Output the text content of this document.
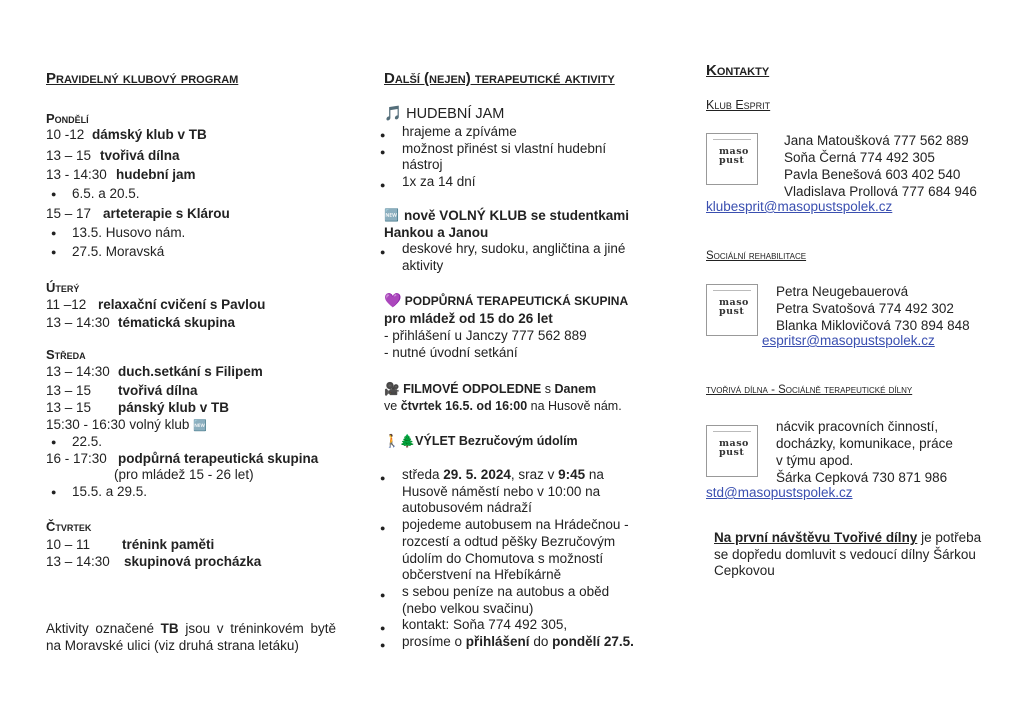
Pravidelný klubový program
Pondělí
10 -12 dámský klub v TB
13 – 15 tvořivá dílna
13 - 14:30 hudební jam
● 6.5. a 20.5.
15 – 17 arteterapie s Klárou
● 13.5. Husovo nám.
● 27.5. Moravská
Úterý
11 –12 relaxační cvičení s Pavlou
13 – 14:30 tématická skupina
Středa
13 – 14:30 duch.setkání s Filipem
13 – 15 tvořivá dílna
13 – 15 pánský klub v TB
15:30 - 16:30 volný klub 🆕
● 22.5.
16 - 17:30 podpůrná terapeutická skupina
(pro mládež 15 - 26 let)
● 15.5. a 29.5.
Čtvrtek
10 – 11 trénink paměti
13 – 14:30 skupinová procházka
Aktivity označené TB jsou v tréninkovém bytě na Moravské ulici (viz druhá strana letáku)
Další (nejen) terapeutické aktivity
🎵 HUDEBNÍ JAM
● hrajeme a zpíváme
● možnost přinést si vlastní hudební nástroj
● 1x za 14 dní
🆕 nově VOLNÝ KLUB se studentkami Hankou a Janou
● deskové hry, sudoku, angličtina a jiné aktivity
💜 PODPŮRNÁ TERAPEUTICKÁ SKUPINA
pro mládež od 15 do 26 let
- přihlášení u Janczy 777 562 889
- nutné úvodní setkání
🎥 FILMOVÉ ODPOLEDNE s Danem
ve čtvrtek 16.5. od 16:00 na Husově nám.
🚶🌲VÝLET Bezručovým údolím
● středa 29. 5. 2024, sraz v 9:45 na Husově náměstí nebo v 10:00 na autobusovém nádraží
● pojedeme autobusem na Hrádečnou - rozcestí a odtud pěšky Bezručovým údolím do Chomutova s možností občerstvení na Hřebíkárně
● s sebou peníze na autobus a oběd (nebo velkou svačinu)
● kontakt: Soňa 774 492 305,
● prosíme o přihlášení do pondělí 27.5.
Kontakty
Klub Esprit
maso
pust
Jana Matoušková 777 562 889
Soňa Černá 774 492 305
Pavla Benešová 603 402 540
Vladislava Prollová 777 684 946
klubesprit@masopustspolek.cz
Sociální rehabilitace
maso
pust
Petra Neugebauerová
Petra Svatošová 774 492 302
Blanka Miklovičová 730 894 848
espritsr@masopustspolek.cz
tvořivá dílna - Sociálně terapeutické dílny
maso
pust
nácvik pracovních činností,
docházky, komunikace, práce
v týmu apod.
Šárka Cepková 730 871 986
std@masopustspolek.cz
Na první návštěvu Tvořivé dílny je potřeba se dopředu domluvit s vedoucí dílny Šárkou Cepkovou
